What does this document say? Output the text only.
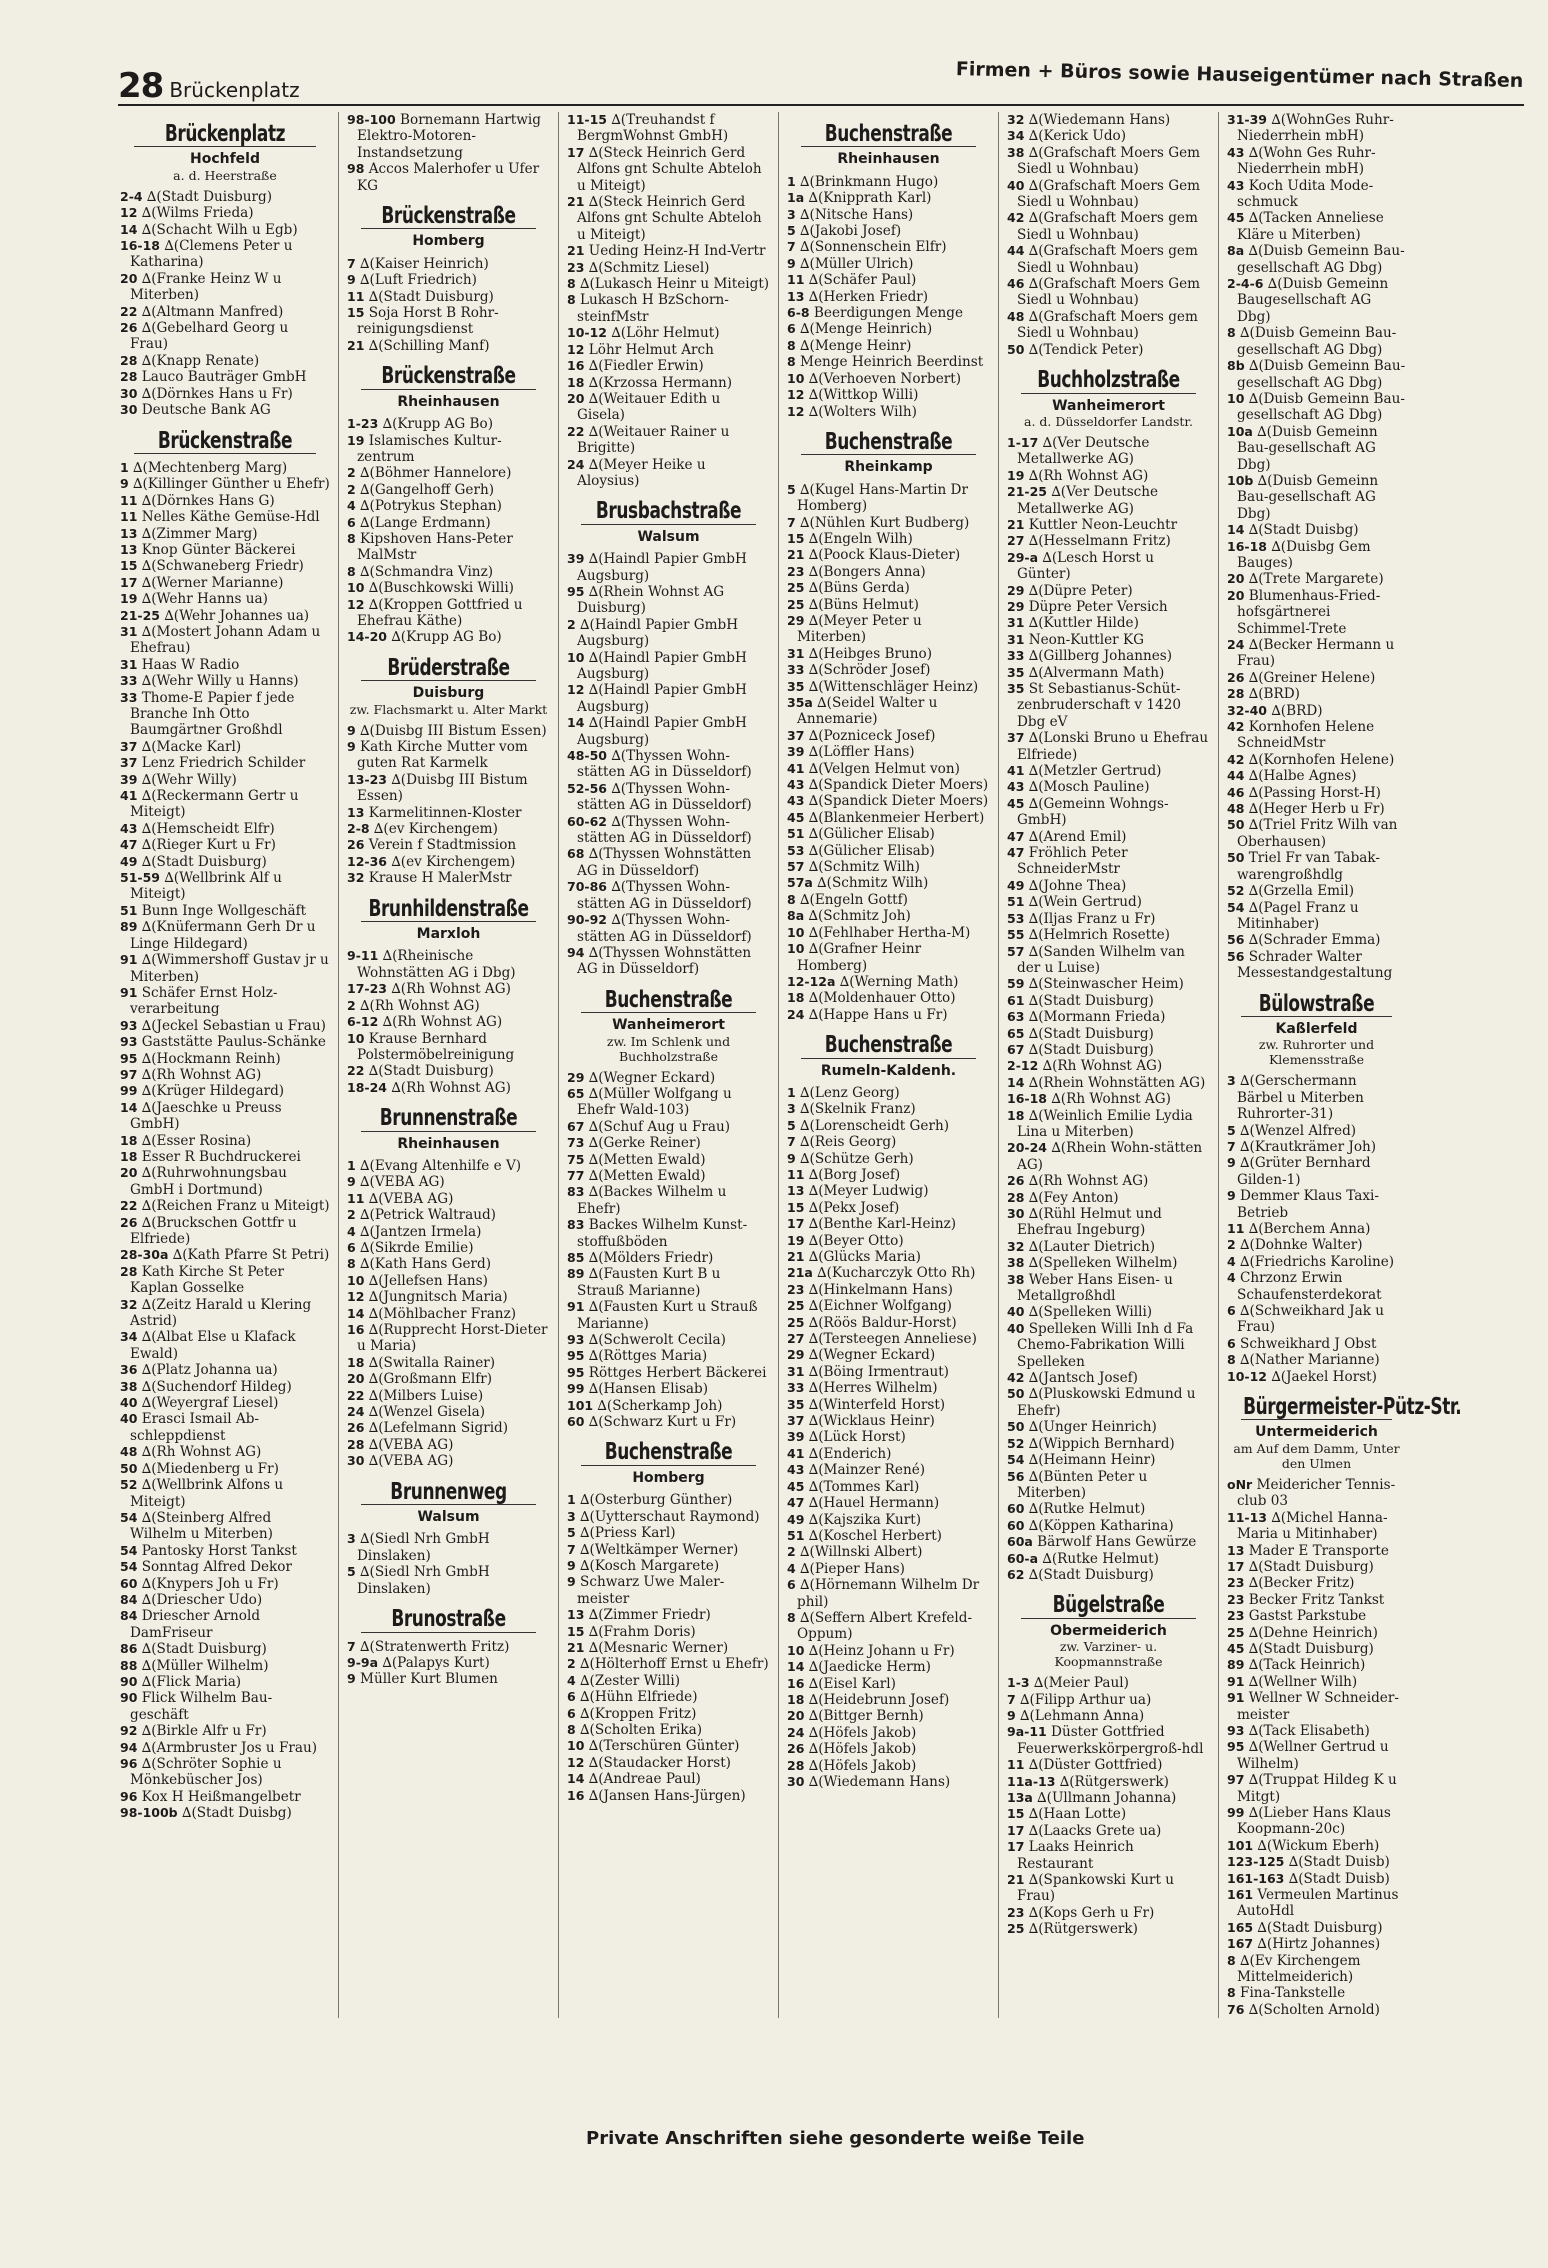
28 Brückenplatz	Firmen + Büros sowie Hauseigentümer nach Straßen
Brückenplatz
Hochfeld
a. d. Heerstraße
2-4 ∆(Stadt Duisburg)
12 ∆(Wilms Frieda)
14 ∆(Schacht Wilh u Egb)
16-18 ∆(Clemens Peter u Katharina)
20 ∆(Franke Heinz W u Miterben)
22 ∆(Altmann Manfred)
26 ∆(Gebelhard Georg u Frau)
28 ∆(Knapp Renate)
28 Lauco Bauträger GmbH
30 ∆(Dörnkes Hans u Fr)
30 Deutsche Bank AG
Brückenstraße
1 ∆(Mechtenberg Marg)
9 ∆(Killinger Günther u Ehefr)
11 ∆(Dörnkes Hans G)
11 Nelles Käthe Gemüse-Hdl
13 ∆(Zimmer Marg)
13 Knop Günter Bäckerei
15 ∆(Schwaneberg Friedr)
17 ∆(Werner Marianne)
19 ∆(Wehr Hanns ua)
21-25 ∆(Wehr Johannes ua)
31 ∆(Mostert Johann Adam u Ehefrau)
31 Haas W Radio
33 ∆(Wehr Willy u Hanns)
33 Thome-E Papier f jede Branche Inh Otto Baumgärtner Großhdl
37 ∆(Macke Karl)
37 Lenz Friedrich Schilder
39 ∆(Wehr Willy)
41 ∆(Reckermann Gertr u Miteigt)
43 ∆(Hemscheidt Elfr)
47 ∆(Rieger Kurt u Fr)
49 ∆(Stadt Duisburg)
51-59 ∆(Wellbrink Alf u Miteigt)
51 Bunn Inge Wollgeschäft
89 ∆(Knüfermann Gerh Dr u Linge Hildegard)
91 ∆(Wimmershoff Gustav jr u Miterben)
91 Schäfer Ernst Holz-verarbeitung
93 ∆(Jeckel Sebastian u Frau)
93 Gaststätte Paulus-Schänke
95 ∆(Hockmann Reinh)
97 ∆(Rh Wohnst AG)
99 ∆(Krüger Hildegard)
14 ∆(Jaeschke u Preuss GmbH)
18 ∆(Esser Rosina)
18 Esser R Buchdruckerei
20 ∆(Ruhrwohnungsbau GmbH i Dortmund)
22 ∆(Reichen Franz u Miteigt)
26 ∆(Bruckschen Gottfr u Elfriede)
28-30a ∆(Kath Pfarre St Petri)
28 Kath Kirche St Peter Kaplan Gosselke
32 ∆(Zeitz Harald u Klering Astrid)
34 ∆(Albat Else u Klafack Ewald)
36 ∆(Platz Johanna ua)
38 ∆(Suchendorf Hildeg)
40 ∆(Weyergraf Liesel)
40 Erasci Ismail Ab-schleppdienst
48 ∆(Rh Wohnst AG)
50 ∆(Miedenberg u Fr)
52 ∆(Wellbrink Alfons u Miteigt)
54 ∆(Steinberg Alfred Wilhelm u Miterben)
54 Pantosky Horst Tankst
54 Sonntag Alfred Dekor
60 ∆(Knypers Joh u Fr)
84 ∆(Driescher Udo)
84 Driescher Arnold DamFriseur
86 ∆(Stadt Duisburg)
88 ∆(Müller Wilhelm)
90 ∆(Flick Maria)
90 Flick Wilhelm Bau-geschäft
92 ∆(Birkle Alfr u Fr)
94 ∆(Armbruster Jos u Frau)
96 ∆(Schröter Sophie u Mönkebüscher Jos)
96 Kox H Heißmangelbetr
98-100b ∆(Stadt Duisbg)
98-100 Bornemann Hartwig Elektro-Motoren-Instandsetzung
98 Accos Malerhofer u Ufer KG
Brückenstraße
Homberg
7 ∆(Kaiser Heinrich)
9 ∆(Luft Friedrich)
11 ∆(Stadt Duisburg)
15 Soja Horst B Rohr-reinigungsdienst
21 ∆(Schilling Manf)
Brückenstraße
Rheinhausen
1-23 ∆(Krupp AG Bo)
19 Islamisches Kultur-zentrum
2 ∆(Böhmer Hannelore)
2 ∆(Gangelhoff Gerh)
4 ∆(Potrykus Stephan)
6 ∆(Lange Erdmann)
8 Kipshoven Hans-Peter MalMstr
8 ∆(Schmandra Vinz)
10 ∆(Buschkowski Willi)
12 ∆(Kroppen Gottfried u Ehefrau Käthe)
14-20 ∆(Krupp AG Bo)
Brüderstraße
Duisburg
zw. Flachsmarkt u. Alter Markt
9 ∆(Duisbg III Bistum Essen)
9 Kath Kirche Mutter vom guten Rat Karmelk
13-23 ∆(Duisbg III Bistum Essen)
13 Karmelitinnen-Kloster
2-8 ∆(ev Kirchengem)
26 Verein f Stadtmission
12-36 ∆(ev Kirchengem)
32 Krause H MalerMstr
Brunhildenstraße
Marxloh
9-11 ∆(Rheinische Wohnstätten AG i Dbg)
17-23 ∆(Rh Wohnst AG)
2 ∆(Rh Wohnst AG)
6-12 ∆(Rh Wohnst AG)
10 Krause Bernhard Polstermöbelreinigung
22 ∆(Stadt Duisburg)
18-24 ∆(Rh Wohnst AG)
Brunnenstraße
Rheinhausen
1 ∆(Evang Altenhilfe e V)
9 ∆(VEBA AG)
11 ∆(VEBA AG)
2 ∆(Petrick Waltraud)
4 ∆(Jantzen Irmela)
6 ∆(Sikrde Emilie)
8 ∆(Kath Hans Gerd)
10 ∆(Jellefsen Hans)
12 ∆(Jungnitsch Maria)
14 ∆(Möhlbacher Franz)
16 ∆(Rupprecht Horst-Dieter u Maria)
18 ∆(Switalla Rainer)
20 ∆(Großmann Elfr)
22 ∆(Milbers Luise)
24 ∆(Wenzel Gisela)
26 ∆(Lefelmann Sigrid)
28 ∆(VEBA AG)
30 ∆(VEBA AG)
Brunnenweg
Walsum
3 ∆(Siedl Nrh GmbH Dinslaken)
5 ∆(Siedl Nrh GmbH Dinslaken)
Brunostraße
7 ∆(Stratenwerth Fritz)
9-9a ∆(Palapys Kurt)
9 Müller Kurt Blumen
11-15 ∆(Treuhandst f BergmWohnst GmbH)
17 ∆(Steck Heinrich Gerd Alfons gnt Schulte Abteloh u Miteigt)
21 ∆(Steck Heinrich Gerd Alfons gnt Schulte Abteloh u Miteigt)
21 Ueding Heinz-H Ind-Vertr
23 ∆(Schmitz Liesel)
8 ∆(Lukasch Heinr u Miteigt)
8 Lukasch H BzSchorn-steinfMstr
10-12 ∆(Löhr Helmut)
12 Löhr Helmut Arch
16 ∆(Fiedler Erwin)
18 ∆(Krzossa Hermann)
20 ∆(Weitauer Edith u Gisela)
22 ∆(Weitauer Rainer u Brigitte)
24 ∆(Meyer Heike u Aloysius)
Brusbachstraße
Walsum
39 ∆(Haindl Papier GmbH Augsburg)
95 ∆(Rhein Wohnst AG Duisburg)
2 ∆(Haindl Papier GmbH Augsburg)
10 ∆(Haindl Papier GmbH Augsburg)
12 ∆(Haindl Papier GmbH Augsburg)
14 ∆(Haindl Papier GmbH Augsburg)
48-50 ∆(Thyssen Wohn-stätten AG in Düsseldorf)
52-56 ∆(Thyssen Wohn-stätten AG in Düsseldorf)
60-62 ∆(Thyssen Wohn-stätten AG in Düsseldorf)
68 ∆(Thyssen Wohnstätten AG in Düsseldorf)
70-86 ∆(Thyssen Wohn-stätten AG in Düsseldorf)
90-92 ∆(Thyssen Wohn-stätten AG in Düsseldorf)
94 ∆(Thyssen Wohnstätten AG in Düsseldorf)
Buchenstraße
Wanheimerort
zw. Im Schlenk und Buchholzstraße
29 ∆(Wegner Eckard)
65 ∆(Müller Wolfgang u Ehefr Wald-103)
67 ∆(Schuf Aug u Frau)
73 ∆(Gerke Reiner)
75 ∆(Metten Ewald)
77 ∆(Metten Ewald)
83 ∆(Backes Wilhelm u Ehefr)
83 Backes Wilhelm Kunst-stoffußböden
85 ∆(Mölders Friedr)
89 ∆(Fausten Kurt B u Strauß Marianne)
91 ∆(Fausten Kurt u Strauß Marianne)
93 ∆(Schwerolt Cecila)
95 ∆(Röttges Maria)
95 Röttges Herbert Bäckerei
99 ∆(Hansen Elisab)
101 ∆(Scherkamp Joh)
60 ∆(Schwarz Kurt u Fr)
Buchenstraße
Homberg
1 ∆(Osterburg Günther)
3 ∆(Uytterschaut Raymond)
5 ∆(Priess Karl)
7 ∆(Weltkämper Werner)
9 ∆(Kosch Margarete)
9 Schwarz Uwe Maler-meister
13 ∆(Zimmer Friedr)
15 ∆(Frahm Doris)
21 ∆(Mesnaric Werner)
2 ∆(Hölterhoff Ernst u Ehefr)
4 ∆(Zester Willi)
6 ∆(Hühn Elfriede)
6 ∆(Kroppen Fritz)
8 ∆(Scholten Erika)
10 ∆(Terschüren Günter)
12 ∆(Staudacker Horst)
14 ∆(Andreae Paul)
16 ∆(Jansen Hans-Jürgen)
Buchenstraße
Rheinhausen
1 ∆(Brinkmann Hugo)
1a ∆(Knipprath Karl)
3 ∆(Nitsche Hans)
5 ∆(Jakobi Josef)
7 ∆(Sonnenschein Elfr)
9 ∆(Müller Ulrich)
11 ∆(Schäfer Paul)
13 ∆(Herken Friedr)
6-8 Beerdigungen Menge
6 ∆(Menge Heinrich)
8 ∆(Menge Heinr)
8 Menge Heinrich Beerdinst
10 ∆(Verhoeven Norbert)
12 ∆(Wittkop Willi)
12 ∆(Wolters Wilh)
Buchenstraße
Rheinkamp
5 ∆(Kugel Hans-Martin Dr Homberg)
7 ∆(Nühlen Kurt Budberg)
15 ∆(Engeln Wilh)
21 ∆(Poock Klaus-Dieter)
23 ∆(Bongers Anna)
25 ∆(Büns Gerda)
25 ∆(Büns Helmut)
29 ∆(Meyer Peter u Miterben)
31 ∆(Heibges Bruno)
33 ∆(Schröder Josef)
35 ∆(Wittenschläger Heinz)
35a ∆(Seidel Walter u Annemarie)
37 ∆(Pozniceck Josef)
39 ∆(Löffler Hans)
41 ∆(Velgen Helmut von)
43 ∆(Spandick Dieter Moers)
43 ∆(Spandick Dieter Moers)
45 ∆(Blankenmeier Herbert)
51 ∆(Gülicher Elisab)
53 ∆(Gülicher Elisab)
57 ∆(Schmitz Wilh)
57a ∆(Schmitz Wilh)
8 ∆(Engeln Gottf)
8a ∆(Schmitz Joh)
10 ∆(Fehlhaber Hertha-M)
10 ∆(Grafner Heinr Homberg)
12-12a ∆(Werning Math)
18 ∆(Moldenhauer Otto)
24 ∆(Happe Hans u Fr)
Buchenstraße
Rumeln-Kaldenh.
1 ∆(Lenz Georg)
3 ∆(Skelnik Franz)
5 ∆(Lorenscheidt Gerh)
7 ∆(Reis Georg)
9 ∆(Schütze Gerh)
11 ∆(Borg Josef)
13 ∆(Meyer Ludwig)
15 ∆(Pekx Josef)
17 ∆(Benthe Karl-Heinz)
19 ∆(Beyer Otto)
21 ∆(Glücks Maria)
21a ∆(Kucharczyk Otto Rh)
23 ∆(Hinkelmann Hans)
25 ∆(Eichner Wolfgang)
25 ∆(Röös Baldur-Horst)
27 ∆(Tersteegen Anneliese)
29 ∆(Wegner Eckard)
31 ∆(Böing Irmentraut)
33 ∆(Herres Wilhelm)
35 ∆(Winterfeld Horst)
37 ∆(Wicklaus Heinr)
39 ∆(Lück Horst)
41 ∆(Enderich)
43 ∆(Mainzer René)
45 ∆(Tommes Karl)
47 ∆(Hauel Hermann)
49 ∆(Kajszika Kurt)
51 ∆(Koschel Herbert)
2 ∆(Willnski Albert)
4 ∆(Pieper Hans)
6 ∆(Hörnemann Wilhelm Dr phil)
8 ∆(Seffern Albert Krefeld-Oppum)
10 ∆(Heinz Johann u Fr)
14 ∆(Jaedicke Herm)
16 ∆(Eisel Karl)
18 ∆(Heidebrunn Josef)
20 ∆(Bittger Bernh)
24 ∆(Höfels Jakob)
26 ∆(Höfels Jakob)
28 ∆(Höfels Jakob)
30 ∆(Wiedemann Hans)
32 ∆(Wiedemann Hans)
34 ∆(Kerick Udo)
38 ∆(Grafschaft Moers Gem Siedl u Wohnbau)
40 ∆(Grafschaft Moers Gem Siedl u Wohnbau)
42 ∆(Grafschaft Moers gem Siedl u Wohnbau)
44 ∆(Grafschaft Moers gem Siedl u Wohnbau)
46 ∆(Grafschaft Moers Gem Siedl u Wohnbau)
48 ∆(Grafschaft Moers gem Siedl u Wohnbau)
50 ∆(Tendick Peter)
Buchholzstraße
Wanheimerort
a. d. Düsseldorfer Landstr.
1-17 ∆(Ver Deutsche Metallwerke AG)
19 ∆(Rh Wohnst AG)
21-25 ∆(Ver Deutsche Metallwerke AG)
21 Kuttler Neon-Leuchtr
27 ∆(Hesselmann Fritz)
29-a ∆(Lesch Horst u Günter)
29 ∆(Düpre Peter)
29 Düpre Peter Versich
31 ∆(Kuttler Hilde)
31 Neon-Kuttler KG
33 ∆(Gillberg Johannes)
35 ∆(Alvermann Math)
35 St Sebastianus-Schüt-zenbruderschaft v 1420 Dbg eV
37 ∆(Lonski Bruno u Ehefrau Elfriede)
41 ∆(Metzler Gertrud)
43 ∆(Mosch Pauline)
45 ∆(Gemeinn Wohngs-GmbH)
47 ∆(Arend Emil)
47 Fröhlich Peter SchneiderMstr
49 ∆(Johne Thea)
51 ∆(Wein Gertrud)
53 ∆(Iljas Franz u Fr)
55 ∆(Helmrich Rosette)
57 ∆(Sanden Wilhelm van der u Luise)
59 ∆(Steinwascher Heim)
61 ∆(Stadt Duisburg)
63 ∆(Mormann Frieda)
65 ∆(Stadt Duisburg)
67 ∆(Stadt Duisburg)
2-12 ∆(Rh Wohnst AG)
14 ∆(Rhein Wohnstätten AG)
16-18 ∆(Rh Wohnst AG)
18 ∆(Weinlich Emilie Lydia Lina u Miterben)
20-24 ∆(Rhein Wohn-stätten AG)
26 ∆(Rh Wohnst AG)
28 ∆(Fey Anton)
30 ∆(Rühl Helmut und Ehefrau Ingeburg)
32 ∆(Lauter Dietrich)
38 ∆(Spelleken Wilhelm)
38 Weber Hans Eisen- u Metallgroßhdl
40 ∆(Spelleken Willi)
40 Spelleken Willi Inh d Fa Chemo-Fabrikation Willi Spelleken
42 ∆(Jantsch Josef)
50 ∆(Pluskowski Edmund u Ehefr)
50 ∆(Unger Heinrich)
52 ∆(Wippich Bernhard)
54 ∆(Heimann Heinr)
56 ∆(Bünten Peter u Miterben)
60 ∆(Rutke Helmut)
60 ∆(Köppen Katharina)
60a Bärwolf Hans Gewürze
60-a ∆(Rutke Helmut)
62 ∆(Stadt Duisburg)
Bügelstraße
Obermeiderich
zw. Varziner- u. Koopmannstraße
1-3 ∆(Meier Paul)
7 ∆(Filipp Arthur ua)
9 ∆(Lehmann Anna)
9a-11 Düster Gottfried Feuerwerkskörpergroß-hdl
11 ∆(Düster Gottfried)
11a-13 ∆(Rütgerswerk)
13a ∆(Ullmann Johanna)
15 ∆(Haan Lotte)
17 ∆(Laacks Grete ua)
17 Laaks Heinrich Restaurant
21 ∆(Spankowski Kurt u Frau)
23 ∆(Kops Gerh u Fr)
25 ∆(Rütgerswerk)
31-39 ∆(WohnGes Ruhr-Niederrhein mbH)
43 ∆(Wohn Ges Ruhr-Niederrhein mbH)
43 Koch Udita Mode-schmuck
45 ∆(Tacken Anneliese Kläre u Miterben)
8a ∆(Duisb Gemeinn Bau-gesellschaft AG Dbg)
2-4-6 ∆(Duisb Gemeinn Baugesellschaft AG Dbg)
8 ∆(Duisb Gemeinn Bau-gesellschaft AG Dbg)
8b ∆(Duisb Gemeinn Bau-gesellschaft AG Dbg)
10 ∆(Duisb Gemeinn Bau-gesellschaft AG Dbg)
10a ∆(Duisb Gemeinn Bau-gesellschaft AG Dbg)
10b ∆(Duisb Gemeinn Bau-gesellschaft AG Dbg)
14 ∆(Stadt Duisbg)
16-18 ∆(Duisbg Gem Bauges)
20 ∆(Trete Margarete)
20 Blumenhaus-Fried-hofsgärtnerei Schimmel-Trete
24 ∆(Becker Hermann u Frau)
26 ∆(Greiner Helene)
28 ∆(BRD)
32-40 ∆(BRD)
42 Kornhofen Helene SchneidMstr
42 ∆(Kornhofen Helene)
44 ∆(Halbe Agnes)
46 ∆(Passing Horst-H)
48 ∆(Heger Herb u Fr)
50 ∆(Triel Fritz Wilh van Oberhausen)
50 Triel Fr van Tabak-warengroßhdlg
52 ∆(Grzella Emil)
54 ∆(Pagel Franz u Mitinhaber)
56 ∆(Schrader Emma)
56 Schrader Walter Messestandgestaltung
Bülowstraße
Kaßlerfeld
zw. Ruhrorter und Klemensstraße
3 ∆(Gerschermann Bärbel u Miterben Ruhrorter-31)
5 ∆(Wenzel Alfred)
7 ∆(Krautkrämer Joh)
9 ∆(Grüter Bernhard Gilden-1)
9 Demmer Klaus Taxi-Betrieb
11 ∆(Berchem Anna)
2 ∆(Dohnke Walter)
4 ∆(Friedrichs Karoline)
4 Chrzonz Erwin Schaufensterdekorat
6 ∆(Schweikhard Jak u Frau)
6 Schweikhard J Obst
8 ∆(Nather Marianne)
10-12 ∆(Jaekel Horst)
Bürgermeister-Pütz-Str.
Untermeiderich
am Auf dem Damm, Unter den Ulmen
oNr Meidericher Tennis-club 03
11-13 ∆(Michel Hanna-Maria u Mitinhaber)
13 Mader E Transporte
17 ∆(Stadt Duisburg)
23 ∆(Becker Fritz)
23 Becker Fritz Tankst
23 Gastst Parkstube
25 ∆(Dehne Heinrich)
45 ∆(Stadt Duisburg)
89 ∆(Tack Heinrich)
91 ∆(Wellner Wilh)
91 Wellner W Schneider-meister
93 ∆(Tack Elisabeth)
95 ∆(Wellner Gertrud u Wilhelm)
97 ∆(Truppat Hildeg K u Mitgt)
99 ∆(Lieber Hans Klaus Koopmann-20c)
101 ∆(Wickum Eberh)
123-125 ∆(Stadt Duisb)
161-163 ∆(Stadt Duisb)
161 Vermeulen Martinus AutoHdl
165 ∆(Stadt Duisburg)
167 ∆(Hirtz Johannes)
8 ∆(Ev Kirchengem Mittelmeiderich)
8 Fina-Tankstelle
76 ∆(Scholten Arnold)
Private Anschriften siehe gesonderte weiße Teile
